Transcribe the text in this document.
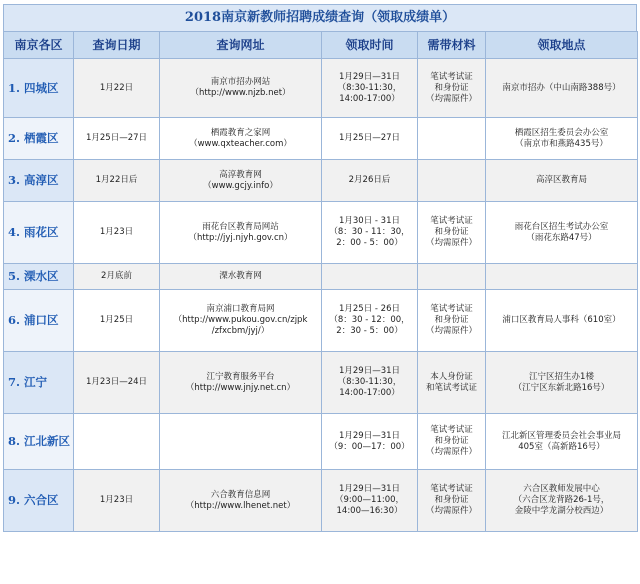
2018南京新教师招聘成绩查询（领取成绩单）
南京各区	查询日期	查询网址	领取时间	需带材料	领取地点
1. 四城区	1月22日	南京市招办网站
（http://www.njzb.net）	1月29日—31日
（8:30-11:30，
14:00-17:00）	笔试考试证
和身份证
（均需原件）	南京市招办（中山南路388号）
2. 栖霞区	1月25日—27日	栖霞教育之家网
（www.qxteacher.com）	1月25日—27日		栖霞区招生委员会办公室
（南京市和燕路435号）
3. 高淳区	1月22日后	高淳教育网
（www.gcjy.info）	2月26日后		高淳区教育局
4. 雨花区	1月23日	雨花台区教育局网站
（http://jyj.njyh.gov.cn）	1月30日 - 31日
（8：30 - 11：30，
2：00 - 5：00）	笔试考试证
和身份证
（均需原件）	雨花台区招生考试办公室
（雨花东路47号）
5. 溧水区	2月底前	溧水教育网			
6. 浦口区	1月25日	南京浦口教育局网
（http://www.pukou.gov.cn/zjpk
/zfxcbm/jyj/）	1月25日 - 26日
（8：30 - 12：00，
2：30 - 5：00）	笔试考试证
和身份证
（均需原件）	浦口区教育局人事科（610室）
7. 江宁	1月23日—24日	江宁教育服务平台
（http://www.jnjy.net.cn）	1月29日—31日
（8:30-11:30，
14:00-17:00）	本人身份证
和笔试考试证	江宁区招生办1楼
（江宁区东新北路16号）
8. 江北新区			1月29日—31日
（9：00—17：00）	笔试考试证
和身份证
（均需原件）	江北新区管理委员会社会事业局
405室（高新路16号）
9. 六合区	1月23日	六合教育信息网
（http://www.lhenet.net）	1月29日—31日
（9:00—11:00，
14:00—16:30）	笔试考试证
和身份证
（均需原件）	六合区教师发展中心
（六合区龙背路26-1号，
金陵中学龙湖分校西边）
